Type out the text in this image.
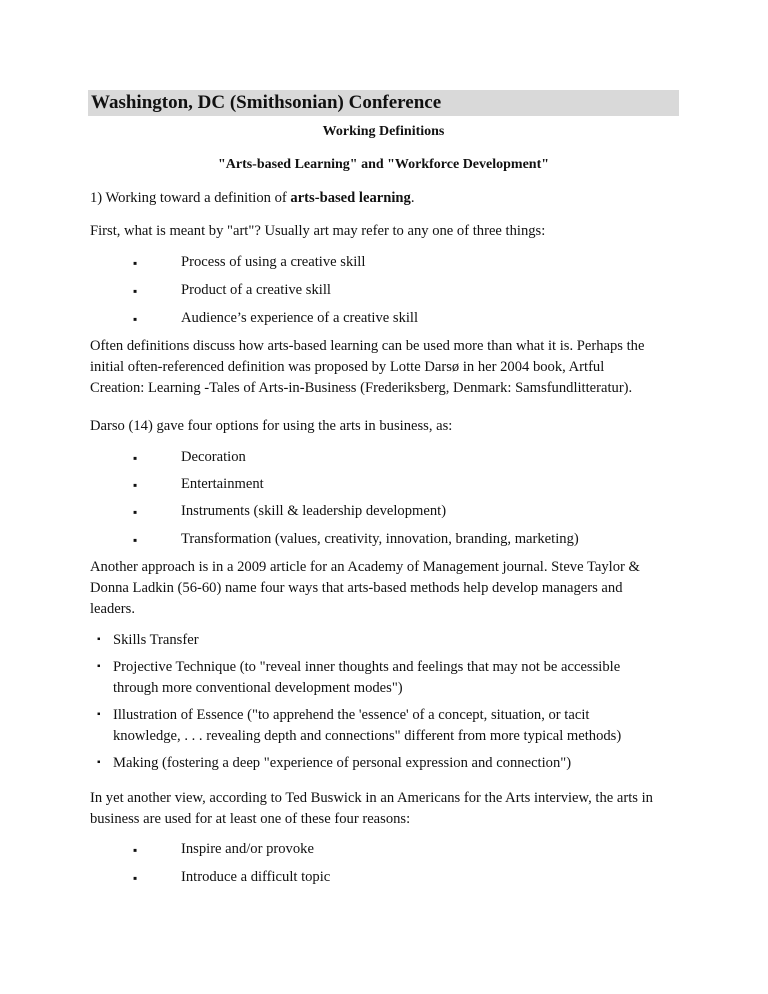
Washington, DC (Smithsonian) Conference
Working Definitions
"Arts-based Learning" and "Workforce Development"
1) Working toward a definition of arts-based learning.
First, what is meant by "art"? Usually art may refer to any one of three things:
▪	Process of using a creative skill
▪	Product of a creative skill
▪	Audience’s experience of a creative skill
Often definitions discuss how arts-based learning can be used more than what it is. Perhaps the
initial often-referenced definition was proposed by Lotte Darsø in her 2004 book, Artful
Creation: Learning -Tales of Arts-in-Business (Frederiksberg, Denmark: Samsfundlitteratur).
Darso (14) gave four options for using the arts in business, as:
▪	Decoration
▪	Entertainment
▪	Instruments (skill & leadership development)
▪	Transformation (values, creativity, innovation, branding, marketing)
Another approach is in a 2009 article for an Academy of Management journal. Steve Taylor &
Donna Ladkin (56-60) name four ways that arts-based methods help develop managers and
leaders.
▪ Skills Transfer
▪ Projective Technique (to "reveal inner thoughts and feelings that may not be accessible
through more conventional development modes")
▪ Illustration of Essence ("to apprehend the 'essence' of a concept, situation, or tacit
knowledge, . . . revealing depth and connections" different from more typical methods)
▪ Making (fostering a deep "experience of personal expression and connection")
In yet another view, according to Ted Buswick in an Americans for the Arts interview, the arts in
business are used for at least one of these four reasons:
▪	Inspire and/or provoke
▪	Introduce a difficult topic
